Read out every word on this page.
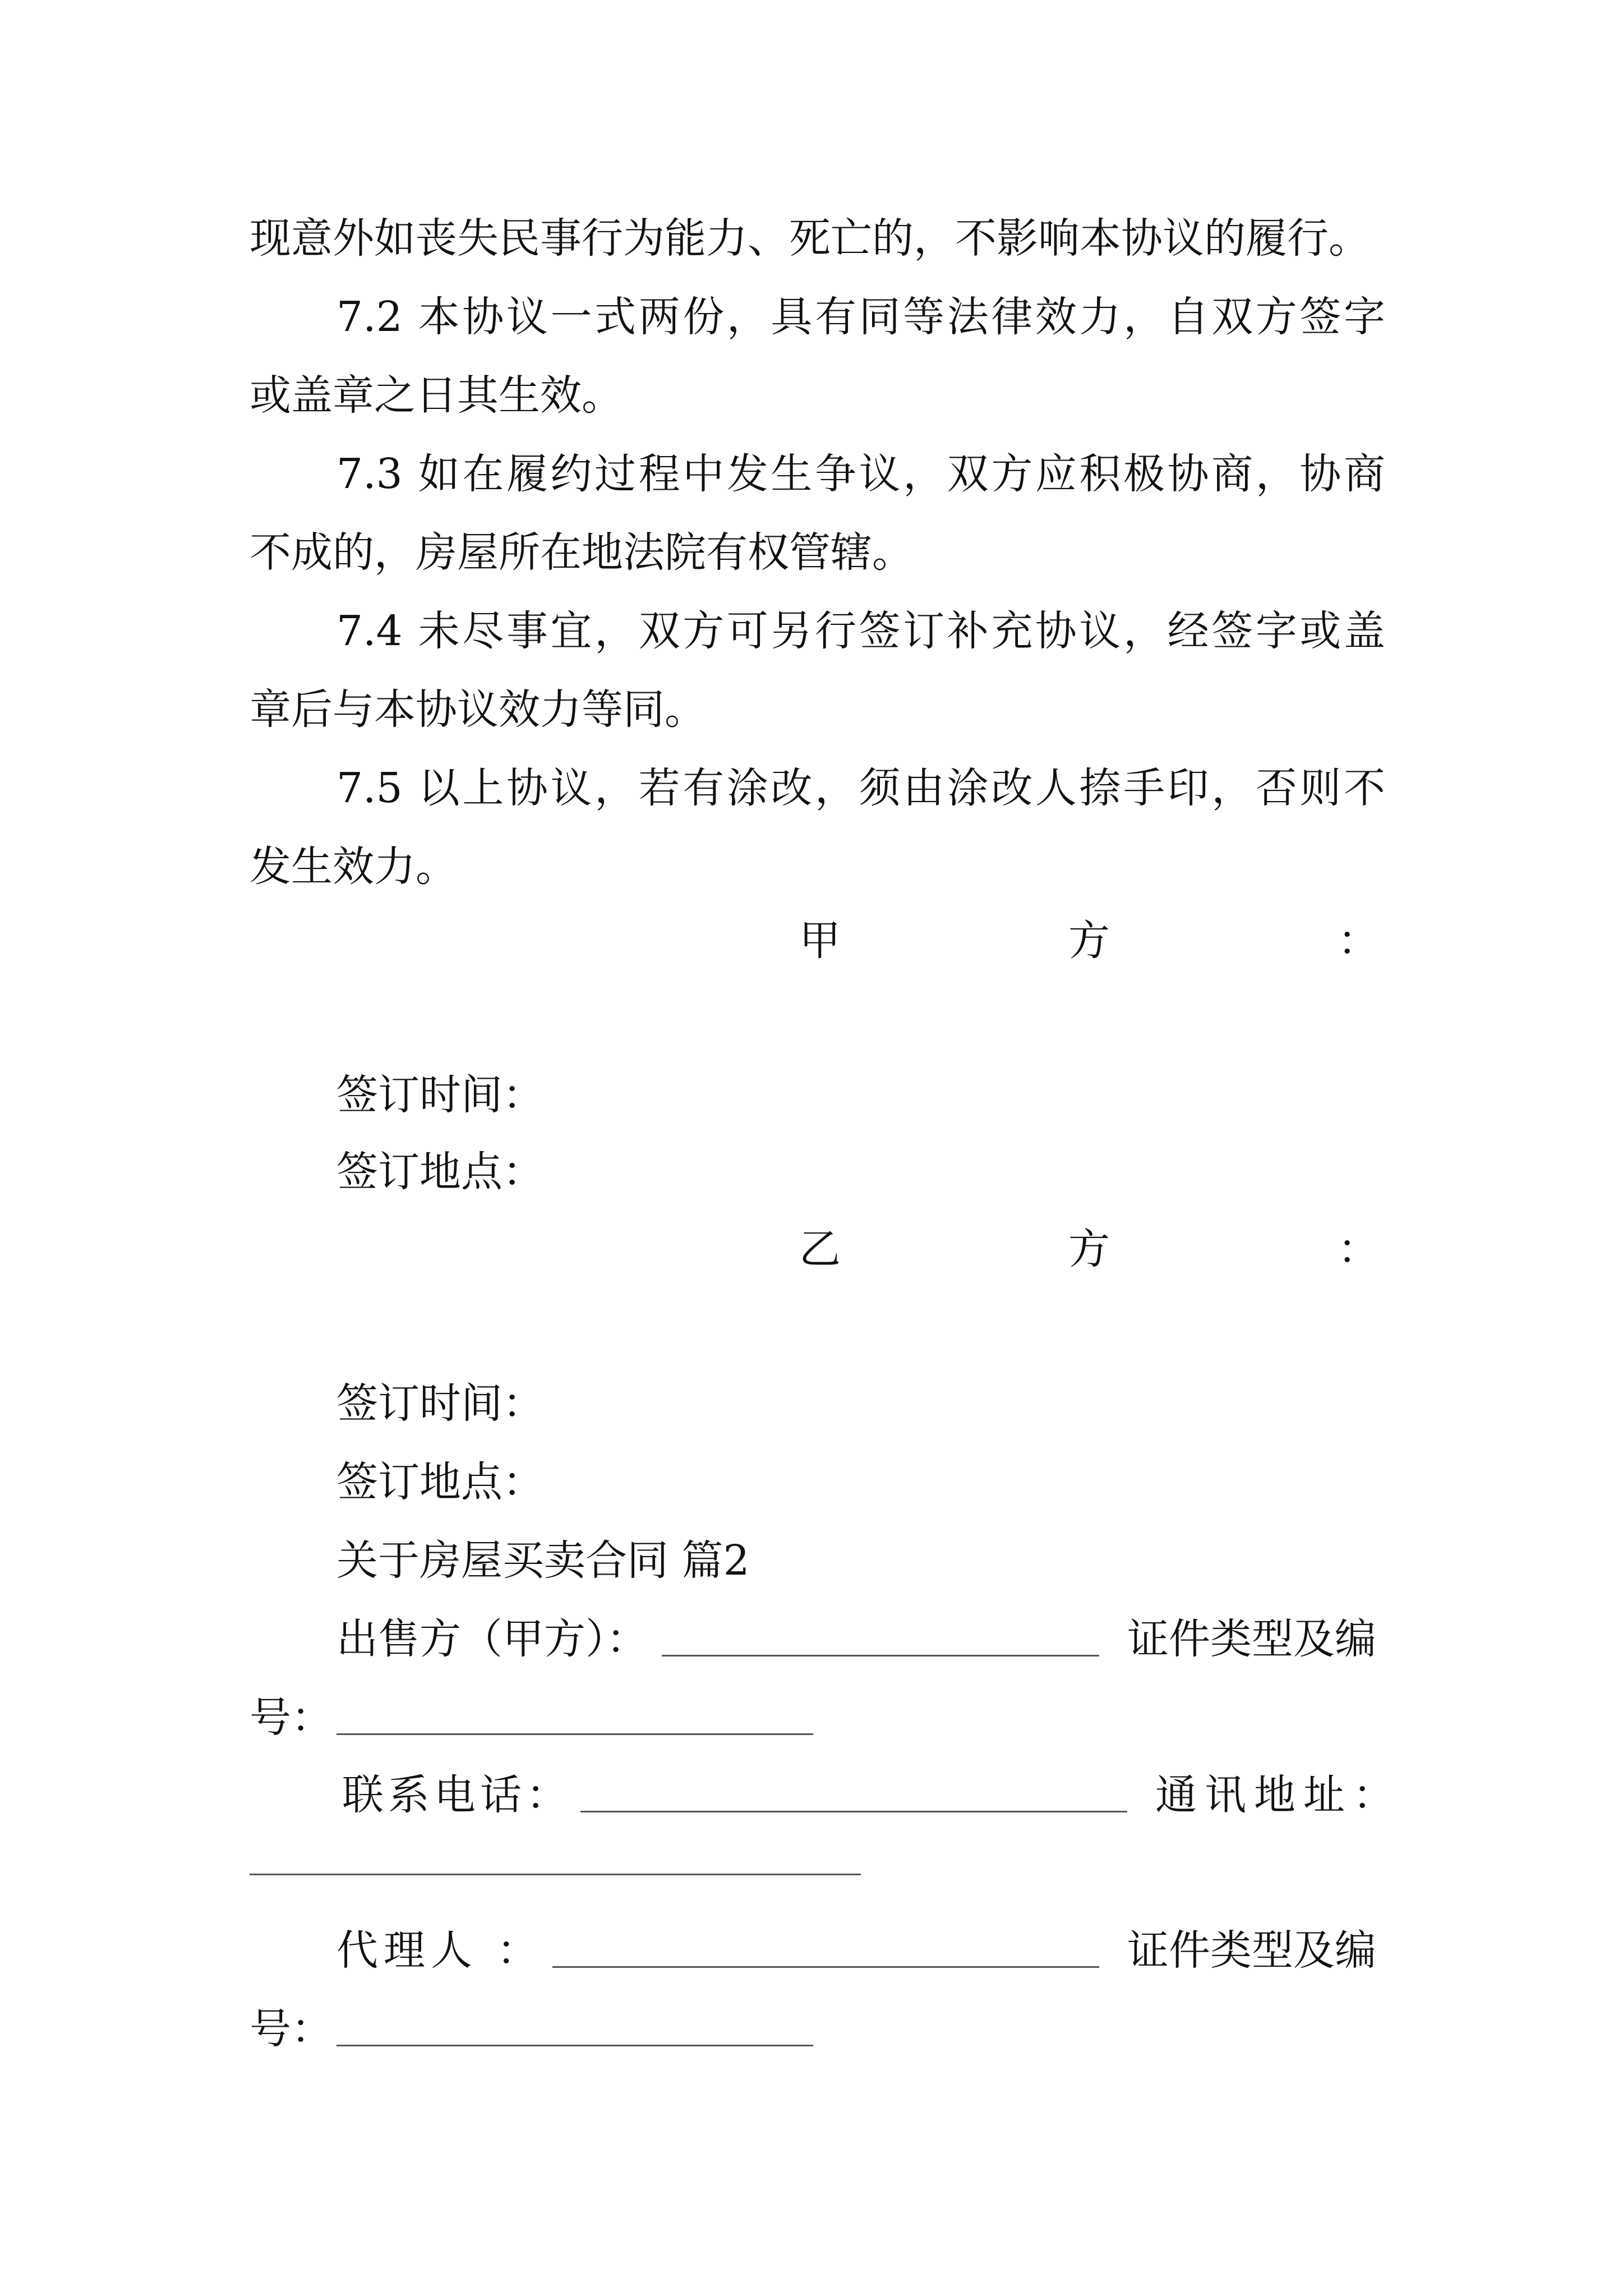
现意外如丧失民事行为能力、死亡的，不影响本协议的履行。
7.2 本协议一式两份，具有同等法律效力，自双方签字
或盖章之日其生效。
7.3 如在履约过程中发生争议，双方应积极协商，协商
不成的，房屋所在地法院有权管辖。
7.4 未尽事宜，双方可另行签订补充协议，经签字或盖
章后与本协议效力等同。
7.5 以上协议，若有涂改，须由涂改人捺手印，否则不
发生效力。
甲	方	：
签订时间：
签订地点：
乙	方	：
签订时间：
签订地点：
关于房屋买卖合同 篇2
出售方（甲方）：	证件类型及编
号：
联系电话：	通讯地址：
代理人 ：	证件类型及编
号：
